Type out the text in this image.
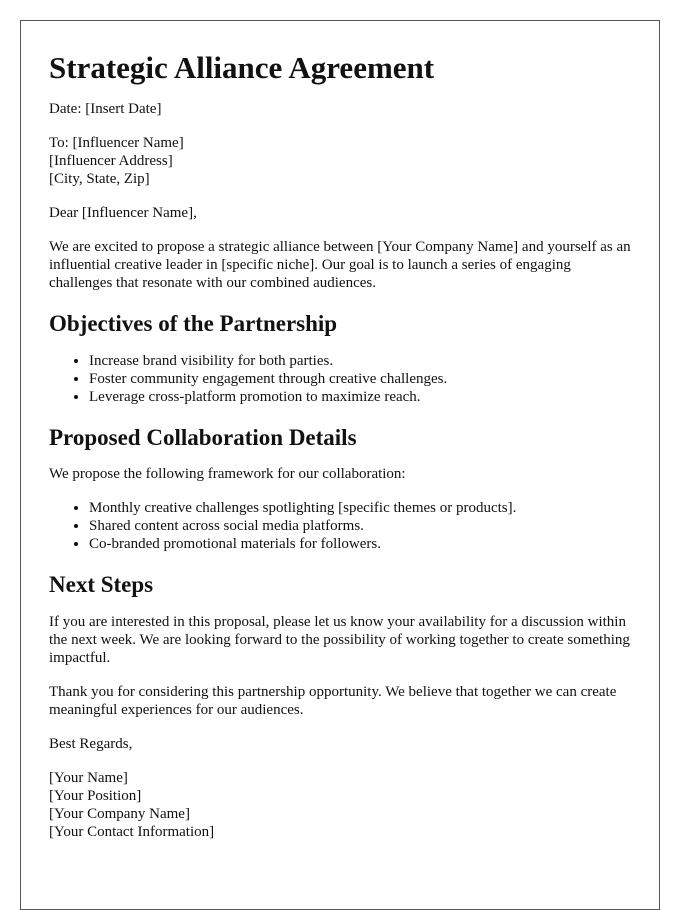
Strategic Alliance Agreement

Date: [Insert Date]

To: [Influencer Name]
[Influencer Address]
[City, State, Zip]

Dear [Influencer Name],

We are excited to propose a strategic alliance between [Your Company Name] and yourself as an influential creative leader in [specific niche]. Our goal is to launch a series of engaging challenges that resonate with our combined audiences.

Objectives of the Partnership
• Increase brand visibility for both parties.
• Foster community engagement through creative challenges.
• Leverage cross-platform promotion to maximize reach.
Proposed Collaboration Details

We propose the following framework for our collaboration:

• Monthly creative challenges spotlighting [specific themes or products].
• Shared content across social media platforms.
• Co-branded promotional materials for followers.
Next Steps

If you are interested in this proposal, please let us know your availability for a discussion within the next week. We are looking forward to the possibility of working together to create something impactful.

Thank you for considering this partnership opportunity. We believe that together we can create meaningful experiences for our audiences.

Best Regards,

[Your Name]
[Your Position]
[Your Company Name]
[Your Contact Information]
